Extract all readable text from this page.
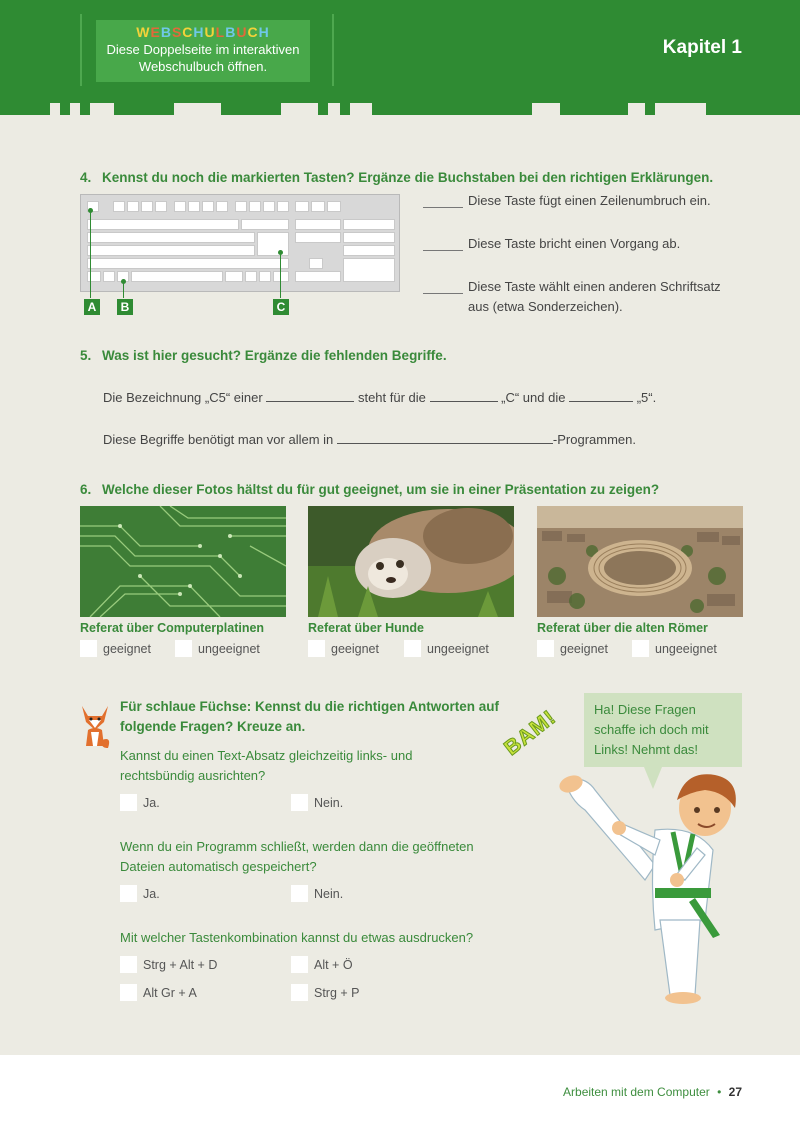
WEBSCHULBUCH
Diese Doppelseite im interaktiven Webschulbuch öffnen.
Kapitel 1
4. Kennst du noch die markierten Tasten? Ergänze die Buchstaben bei den richtigen Erklärungen.
A	B	C
Diese Taste fügt einen Zeilenumbruch ein.
Diese Taste bricht einen Vorgang ab.
Diese Taste wählt einen anderen Schriftsatz
aus (etwa Sonderzeichen).
5. Was ist hier gesucht? Ergänze die fehlenden Begriffe.
Die Bezeichnung „C5“ einer	steht für die	„C“ und die	„5“.
Diese Begriffe benötigt man vor allem in	-Programmen.
6. Welche dieser Fotos hältst du für gut geeignet, um sie in einer Präsentation zu zeigen?
Referat über Computerplatinen
geeignet	ungeeignet
Referat über Hunde
geeignet	ungeeignet
Referat über die alten Römer
geeignet	ungeeignet
Für schlaue Füchse: Kennst du die richtigen Antworten auf
folgende Fragen? Kreuze an.
Kannst du einen Text-Absatz gleichzeitig links- und
rechtsbündig ausrichten?
Ja.	Nein.
Wenn du ein Programm schließt, werden dann die geöffneten
Dateien automatisch gespeichert?
Ja.	Nein.
Mit welcher Tastenkombination kannst du etwas ausdrucken?
Strg + Alt + D	Alt + Ö
Alt Gr + A	Strg + P
Ha! Diese Fragen
schaffe ich doch mit
Links! Nehmt das!
BAM!
Arbeiten mit dem Computer • 27
